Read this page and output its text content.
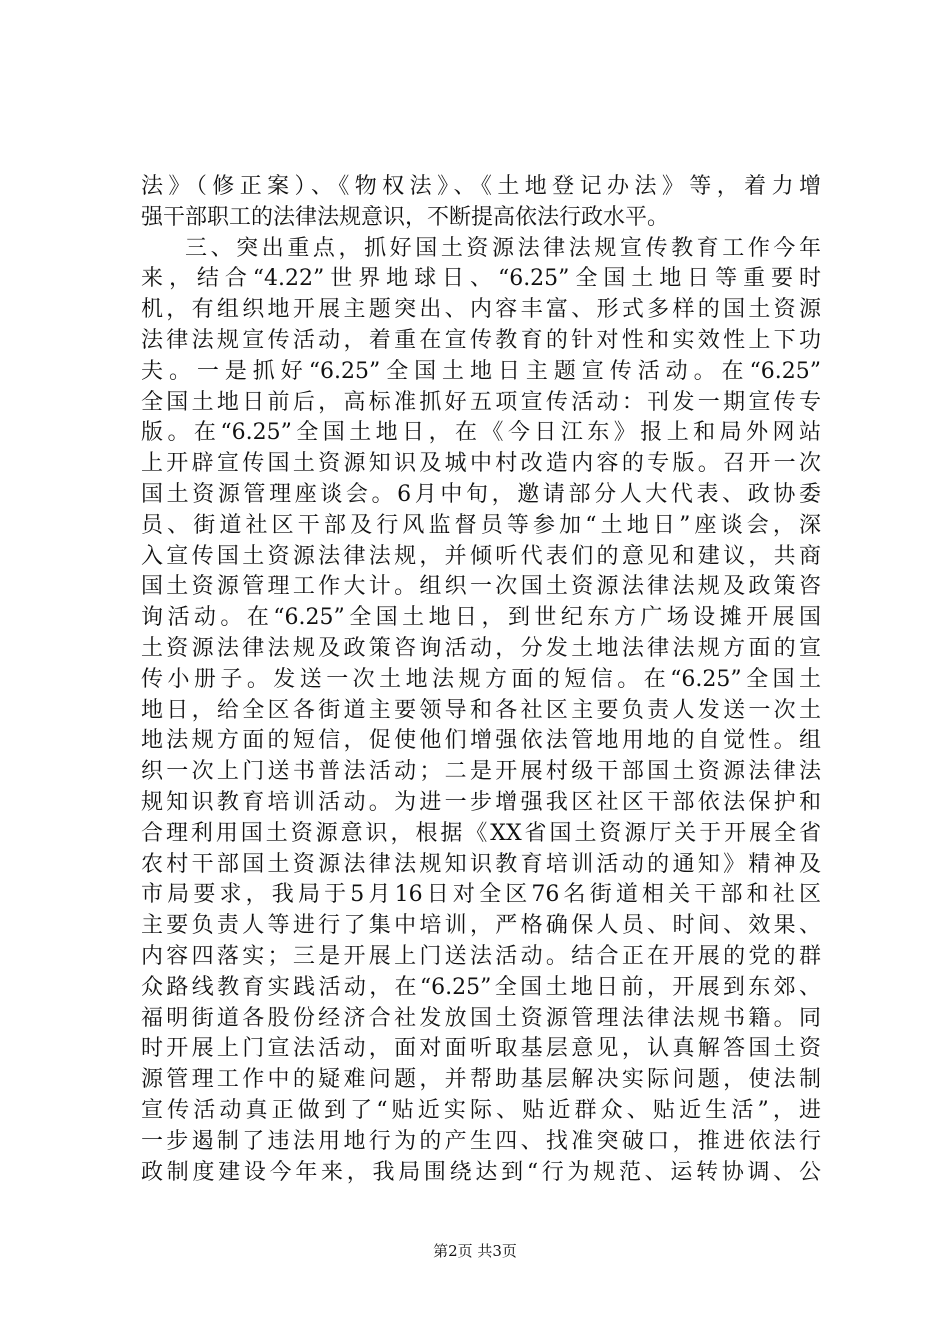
法》（修正案）、《物权法》、《土地登记办法》等，着力增
强干部职工的法律法规意识，不断提高依法行政水平。
三、突出重点，抓好国土资源法律法规宣传教育工作今年
来，结合“4.22”世界地球日、“6.25”全国土地日等重要时
机，有组织地开展主题突出、内容丰富、形式多样的国土资源
法律法规宣传活动，着重在宣传教育的针对性和实效性上下功
夫。一是抓好“6.25”全国土地日主题宣传活动。在“6.25”
全国土地日前后，高标准抓好五项宣传活动：刊发一期宣传专
版。在“6.25”全国土地日，在《今日江东》报上和局外网站
上开辟宣传国土资源知识及城中村改造内容的专版。召开一次
国土资源管理座谈会。6月中旬，邀请部分人大代表、政协委
员、街道社区干部及行风监督员等参加“土地日”座谈会，深
入宣传国土资源法律法规，并倾听代表们的意见和建议，共商
国土资源管理工作大计。组织一次国土资源法律法规及政策咨
询活动。在“6.25”全国土地日，到世纪东方广场设摊开展国
土资源法律法规及政策咨询活动，分发土地法律法规方面的宣
传小册子。发送一次土地法规方面的短信。在“6.25”全国土
地日，给全区各街道主要领导和各社区主要负责人发送一次土
地法规方面的短信，促使他们增强依法管地用地的自觉性。组
织一次上门送书普法活动；二是开展村级干部国土资源法律法
规知识教育培训活动。为进一步增强我区社区干部依法保护和
合理利用国土资源意识，根据《XX省国土资源厅关于开展全省
农村干部国土资源法律法规知识教育培训活动的通知》精神及
市局要求，我局于5月16日对全区76名街道相关干部和社区
主要负责人等进行了集中培训，严格确保人员、时间、效果、
内容四落实；三是开展上门送法活动。结合正在开展的党的群
众路线教育实践活动，在“6.25”全国土地日前，开展到东郊、
福明街道各股份经济合社发放国土资源管理法律法规书籍。同
时开展上门宣法活动，面对面听取基层意见，认真解答国土资
源管理工作中的疑难问题，并帮助基层解决实际问题，使法制
宣传活动真正做到了“贴近实际、贴近群众、贴近生活”，进
一步遏制了违法用地行为的产生四、找准突破口，推进依法行
政制度建设今年来，我局围绕达到“行为规范、运转协调、公
第2页 共3页
